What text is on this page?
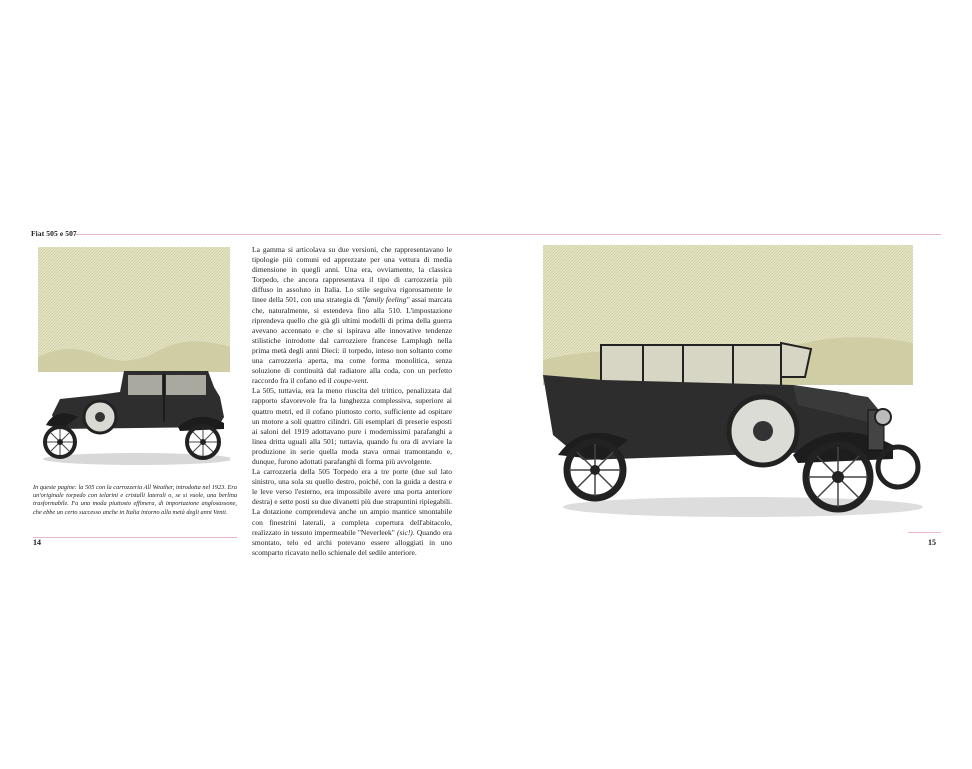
Fiat 505 e 507
In queste pagine: la 505 con la carrozzeria All Weather, introdotta nel 1923. Era un'originale torpedo con telarini e cristalli laterali o, se si vuole, una berlina trasformabile. Fu una moda piuttosto effimera, di importazione anglosassone, che ebbe un certo successo anche in Italia intorno alla metà degli anni Venti.

La gamma si articolava su due versioni, che rappresentavano le tipologie più comuni ed apprezzate per una vettura di media dimensione in quegli anni. Una era, ovviamente, la classica Torpedo, che ancora rappresentava il tipo di carrozzeria più diffuso in assoluto in Italia. Lo stile seguiva rigorosamente le linee della 501, con una strategia di "family feeling" assai marcata che, naturalmente, si estendeva fino alla 510. L'impostazione riprendeva quello che già gli ultimi modelli di prima della guerra avevano accennato e che si ispirava alle innovative tendenze stilistiche introdotte dal carrozziere francese Lamplugh nella prima metà degli anni Dieci: il torpedo, inteso non soltanto come una carrozzeria aperta, ma come forma monolitica, senza soluzione di continuità dal radiatore alla coda, con un perfetto raccordo fra il cofano ed il coupe-vent.

La 505, tuttavia, era la meno riuscita del trittico, penalizzata dal rapporto sfavorevole fra la lunghezza complessiva, superiore ai quattro metri, ed il cofano piuttosto corto, sufficiente ad ospitare un motore a soli quattro cilindri. Gli esemplari di preserie esposti ai saloni del 1919 adottavano pure i modernissimi parafanghi a linea dritta uguali alla 501; tuttavia, quando fu ora di avviare la produzione in serie quella moda stava ormai tramontando e, dunque, furono adottati parafanghi di forma più avvolgente.

La carrozzeria della 505 Torpedo era a tre porte (due sul lato sinistro, una sola su quello destro, poiché, con la guida a destra e le leve verso l'esterno, era impossibile avere una porta anteriore destra) e sette posti su due divanetti più due strapuntini ripiegabili. La dotazione comprendeva anche un ampio mantice smontabile con finestrini laterali, a completa copertura dell'abitacolo, realizzato in tessuto impermeabile "Neverleek" (sic!). Quando era smontato, telo ed archi potevano essere alloggiati in uno scomparto ricavato nello schienale del sedile anteriore.

14	15
